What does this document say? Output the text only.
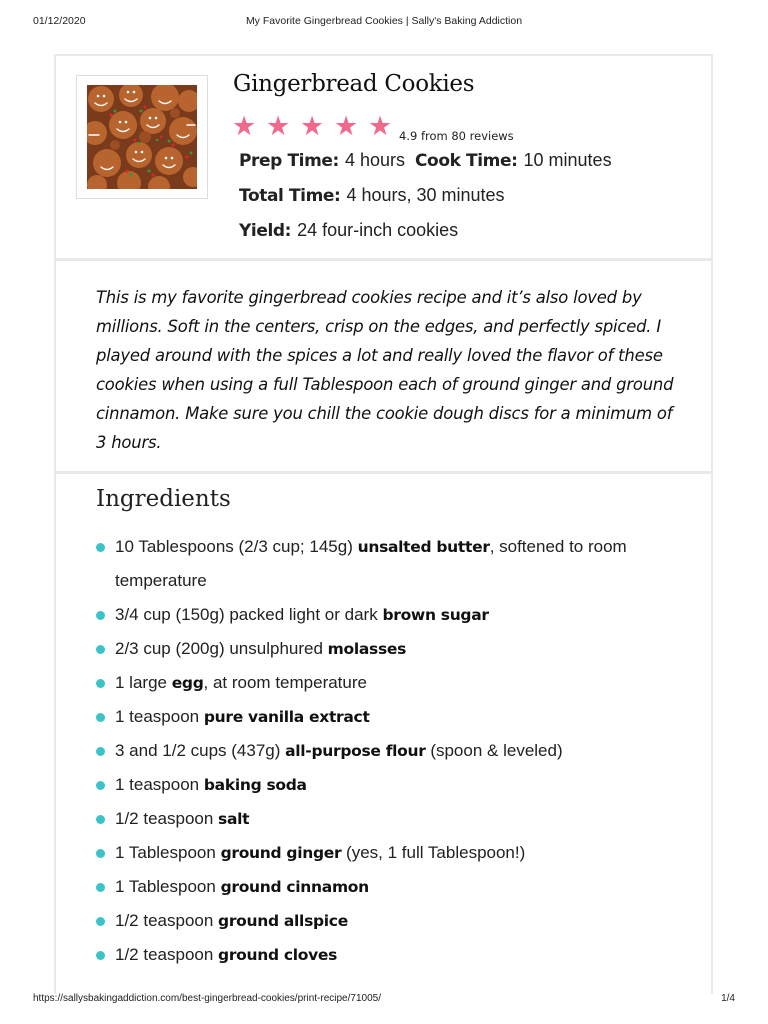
01/12/2020	My Favorite Gingerbread Cookies | Sally's Baking Addiction
Gingerbread Cookies
★ ★ ★ ★ ★ 4.9 from 80 reviews
Prep Time: 4 hours Cook Time: 10 minutes
Total Time: 4 hours, 30 minutes
Yield: 24 four-inch cookies
This is my favorite gingerbread cookies recipe and it’s also loved by millions. Soft in the centers, crisp on the edges, and perfectly spiced. I played around with the spices a lot and really loved the flavor of these cookies when using a full Tablespoon each of ground ginger and ground cinnamon. Make sure you chill the cookie dough discs for a minimum of 3 hours.
Ingredients
10 Tablespoons (2/3 cup; 145g) unsalted butter, softened to room temperature
3/4 cup (150g) packed light or dark brown sugar
2/3 cup (200g) unsulphured molasses
1 large egg, at room temperature
1 teaspoon pure vanilla extract
3 and 1/2 cups (437g) all-purpose flour (spoon & leveled)
1 teaspoon baking soda
1/2 teaspoon salt
1 Tablespoon ground ginger (yes, 1 full Tablespoon!)
1 Tablespoon ground cinnamon
1/2 teaspoon ground allspice
1/2 teaspoon ground cloves
https://sallysbakingaddiction.com/best-gingerbread-cookies/print-recipe/71005/	1/4
